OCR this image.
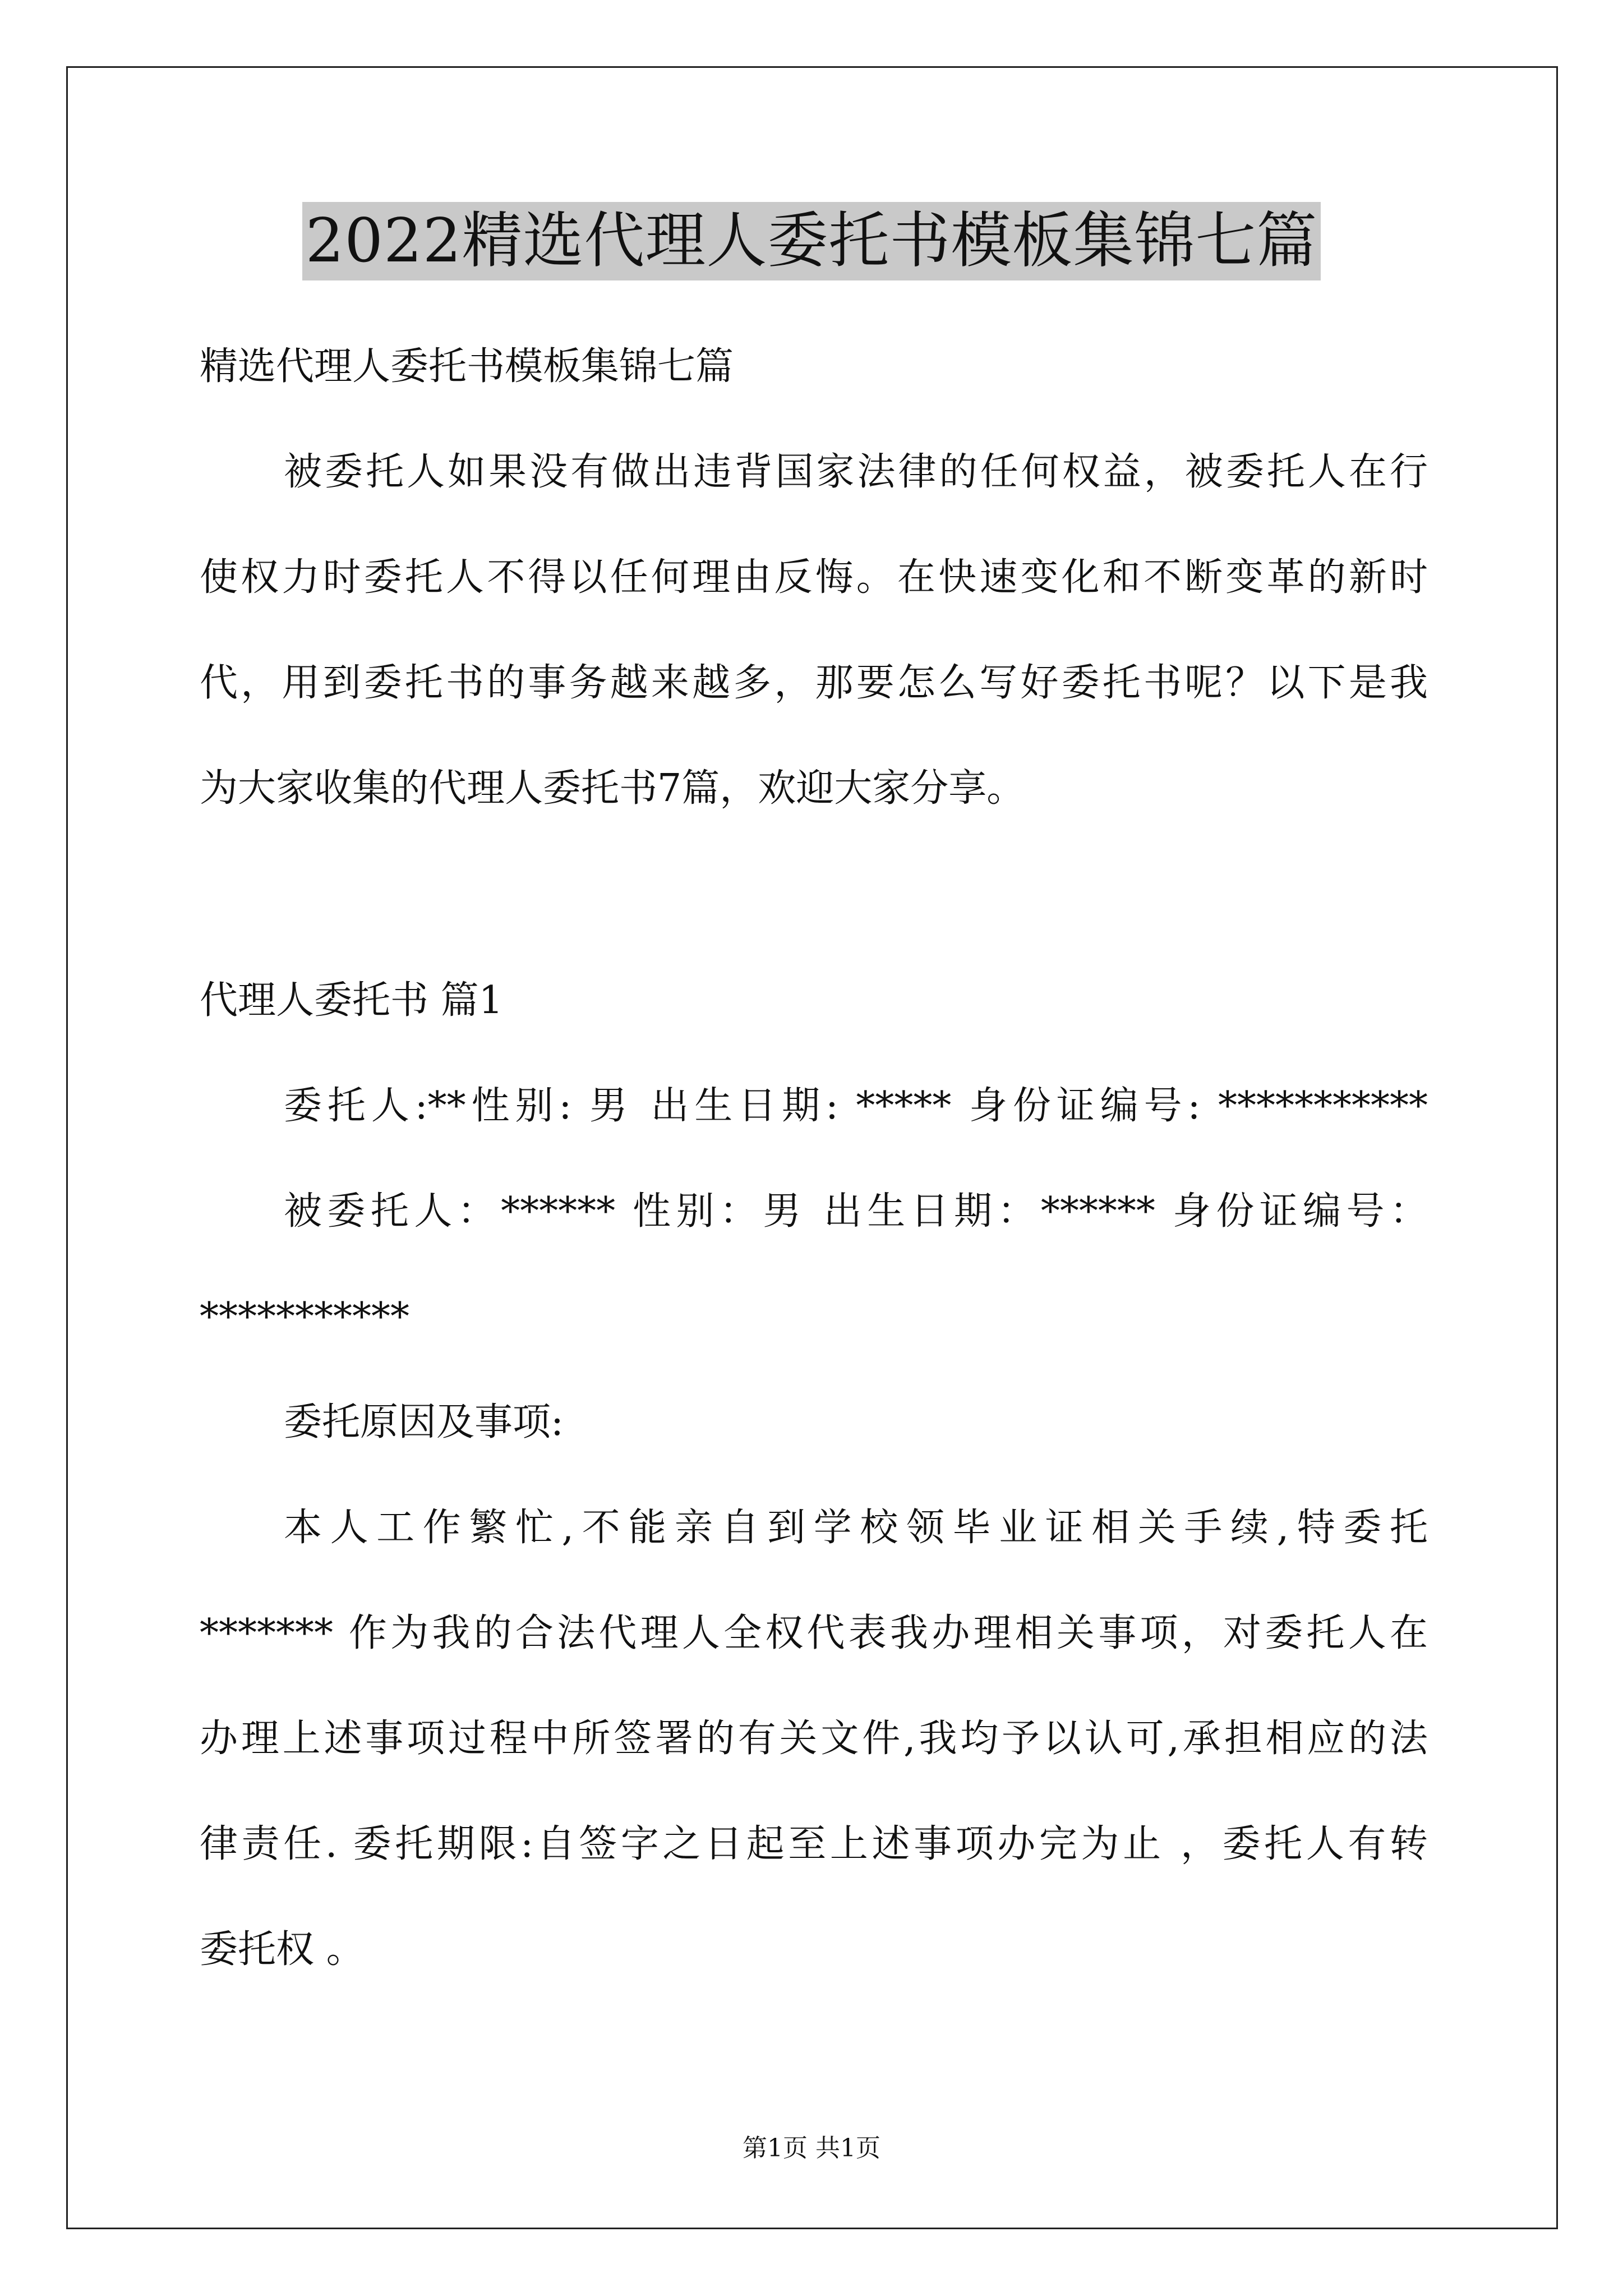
2022精选代理人委托书模板集锦七篇
精选代理人委托书模板集锦七篇
被委托人如果没有做出违背国家法律的任何权益，被委托人在行
使权力时委托人不得以任何理由反悔。在快速变化和不断变革的新时
代，用到委托书的事务越来越多，那要怎么写好委托书呢？以下是我
为大家收集的代理人委托书7篇，欢迎大家分享。
代理人委托书 篇1
委托人:**性别: 男 出生日期: ***** 身份证编号: ***********
被委托人：****** 性别：男 出生日期：****** 身份证编号：
***********
委托原因及事项:
本人工作繁忙,不能亲自到学校领毕业证相关手续,特委托
******* 作为我的合法代理人全权代表我办理相关事项，对委托人在
办理上述事项过程中所签署的有关文件,我均予以认可,承担相应的法
律责任. 委托期限:自签字之日起至上述事项办完为止 ，委托人有转
委托权 。
第1页 共1页
